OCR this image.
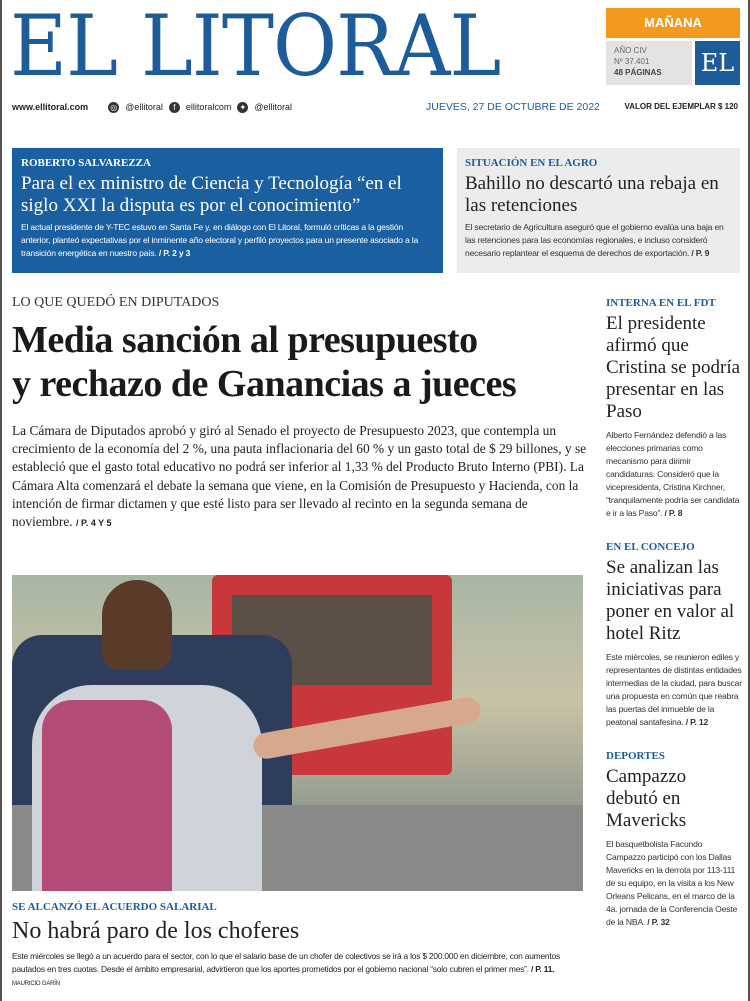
EL LITORAL	MAÑANA
AÑO CIV
Nº 37.401
48 PÁGINAS	EL
www.ellitoral.com	◎ @ellitoral	f	ellitoralcom ✦ @ellitoral	JUEVES, 27 DE OCTUBRE DE 2022	VALOR DEL EJEMPLAR $ 120
ROBERTO SALVAREZZA
Para el ex ministro de Ciencia y Tecnología “en el siglo XXI la disputa es por el conocimiento”
El actual presidente de Y-TEC estuvo en Santa Fe y, en diálogo con El Litoral, formuló críticas a la gestión anterior, planteó expectativas por el inminente año electoral y perfiló proyectos para un presente asociado a la transición energética en nuestro país. / P. 2 y 3
SITUACIÓN EN EL AGRO
Bahillo no descartó una rebaja en las retenciones
El secretario de Agricultura aseguró que el gobierno evalúa una baja en las retenciones para las economías regionales, e incluso consideró necesario replantear el esquema de derechos de exportación. / P. 9
LO QUE QUEDÓ EN DIPUTADOS
Media sanción al presupuesto
y rechazo de Ganancias a jueces
La Cámara de Diputados aprobó y giró al Senado el proyecto de Presupuesto 2023, que contempla un crecimiento de la economía del 2 %, una pauta inflacionaria del 60 % y un gasto total de $ 29 billones, y se estableció que el gasto total educativo no podrá ser inferior al 1,33 % del Producto Bruto Interno (PBI). La Cámara Alta comenzará el debate la semana que viene, en la Comisión de Presupuesto y Hacienda, con la intención de firmar dictamen y que esté listo para ser llevado al recinto en la segunda semana de noviembre. / P. 4 Y 5
SE ALCANZÓ EL ACUERDO SALARIAL
No habrá paro de los choferes
Este miércoles se llegó a un acuerdo para el sector, con lo que el salario base de un chofer de colectivos se irá a los $ 200.000 en diciembre, con aumentos pautados en tres cuotas. Desde el ámbito empresarial, advirtieron que los aportes prometidos por el gobierno nacional “solo cubren el primer mes”. / P. 11. MAURICIO GARÍN
INTERNA EN EL FDT
El presidente afirmó que Cristina se podría presentar en las Paso
Alberto Fernández defendió a las elecciones primarias como mecanismo para dirimir candidaturas. Consideró que la vicepresidenta, Cristina Kirchner, “tranquilamente podría ser candidata e ir a las Paso”. / P. 8
EN EL CONCEJO
Se analizan las iniciativas para poner en valor al hotel Ritz
Este miércoles, se reunieron ediles y representantes de distintas entidades intermedias de la ciudad, para buscar una propuesta en común que reabra las puertas del inmueble de la peatonal santafesina. / P. 12
DEPORTES
Campazzo debutó en Mavericks
El basquetbolista Facundo Campazzo participó con los Dallas Mavericks en la derrota por 113-111 de su equipo, en la visita a los New Orleans Pelicans, en el marco de la 4a. jornada de la Conferencia Oeste de la NBA. / P. 32
